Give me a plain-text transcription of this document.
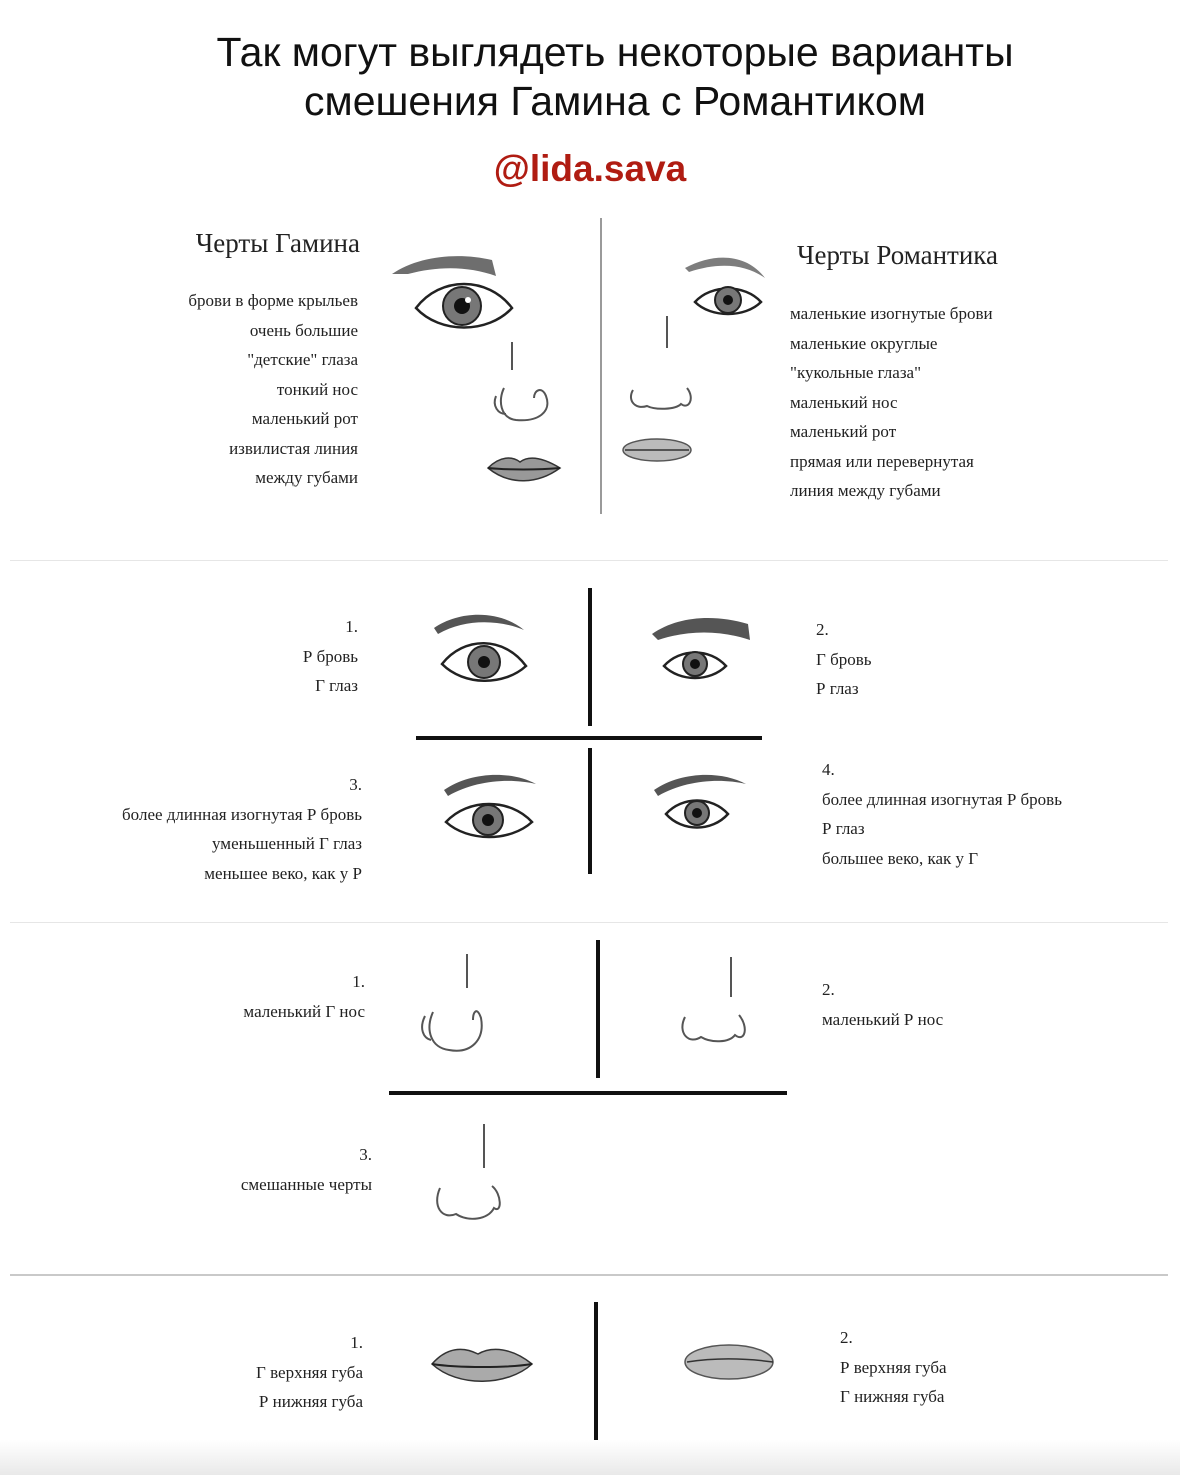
Так могут выглядеть некоторые варианты
смешения Гамина с Романтиком
@lida.sava
Черты Гамина
брови в форме крыльев
очень большие
"детские" глаза
тонкий нос
маленький рот
извилистая линия
между губами
Черты Романтика
маленькие изогнутые брови
маленькие округлые
"кукольные глаза"
маленький нос
маленький рот
прямая или перевернутая
линия между губами
1.
Р бровь
Г глаз
2.
Г бровь
Р глаз
3.
более длинная изогнутая Р бровь
уменьшенный Г глаз
меньшее веко, как у Р
4.
более длинная изогнутая Р бровь
Р глаз
большее веко, как у Г
1.
маленький Г нос
2.
маленький Р нос
3.
смешанные черты
1.
Г верхняя губа
Р нижняя губа
2.
Р верхняя губа
Г нижняя губа
